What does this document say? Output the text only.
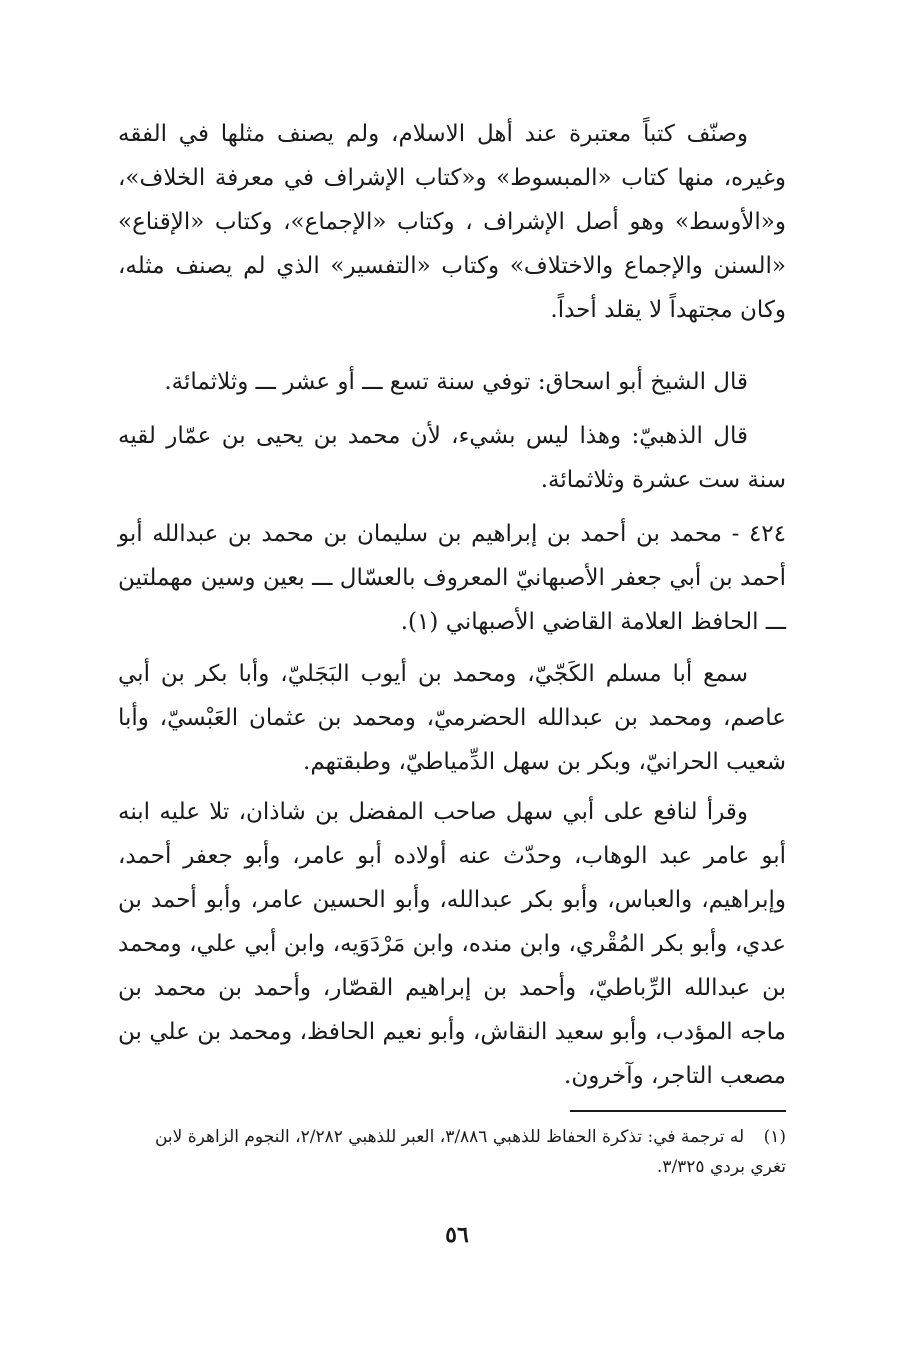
وصنّف كتباً معتبرة عند أهل الاسلام، ولم يصنف مثلها في الفقه وغيره، منها كتاب «المبسوط» و«كتاب الإشراف في معرفة الخلاف»، و«الأوسط» وهو أصل الإشراف ، وكتاب «الإجماع»، وكتاب «الإقناع» «السنن والإجماع والاختلاف» وكتاب «التفسير» الذي لم يصنف مثله، وكان مجتهداً لا يقلد أحداً.

قال الشيخ أبو اسحاق: توفي سنة تسع ـــ أو عشر ـــ وثلاثمائة.

قال الذهبيّ: وهذا ليس بشيء، لأن محمد بن يحيى بن عمّار لقيه سنة ست عشرة وثلاثمائة.

٤٢٤ - محمد بن أحمد بن إبراهيم بن سليمان بن محمد بن عبدالله أبو أحمد بن أبي جعفر الأصبهانيّ المعروف بالعسّال ـــ بعين وسين مهملتين ـــ الحافظ العلامة القاضي الأصبهاني (١).

سمع أبا مسلم الكَجّيّ، ومحمد بن أيوب البَجَليّ، وأبا بكر بن أبي عاصم، ومحمد بن عبدالله الحضرميّ، ومحمد بن عثمان العَبْسيّ، وأبا شعيب الحرانيّ، وبكر بن سهل الدِّمياطيّ، وطبقتهم.

وقرأ لنافع على أبي سهل صاحب المفضل بن شاذان، تلا عليه ابنه أبو عامر عبد الوهاب، وحدّث عنه أولاده أبو عامر، وأبو جعفر أحمد، وإبراهيم، والعباس، وأبو بكر عبدالله، وأبو الحسين عامر، وأبو أحمد بن عدي، وأبو بكر المُقْري، وابن منده، وابن مَرْدَوَيه، وابن أبي علي، ومحمد بن عبدالله الرِّباطيّ، وأحمد بن إبراهيم القصّار، وأحمد بن محمد بن ماجه المؤدب، وأبو سعيد النقاش، وأبو نعيم الحافظ، ومحمد بن علي بن مصعب التاجر، وآخرون.

(١) له ترجمة في: تذكرة الحفاظ للذهبي ٣/٨٨٦، العبر للذهبي ٢/٢٨٢، النجوم الزاهرة لابن تغري بردي ٣/٣٢٥.
٥٦
